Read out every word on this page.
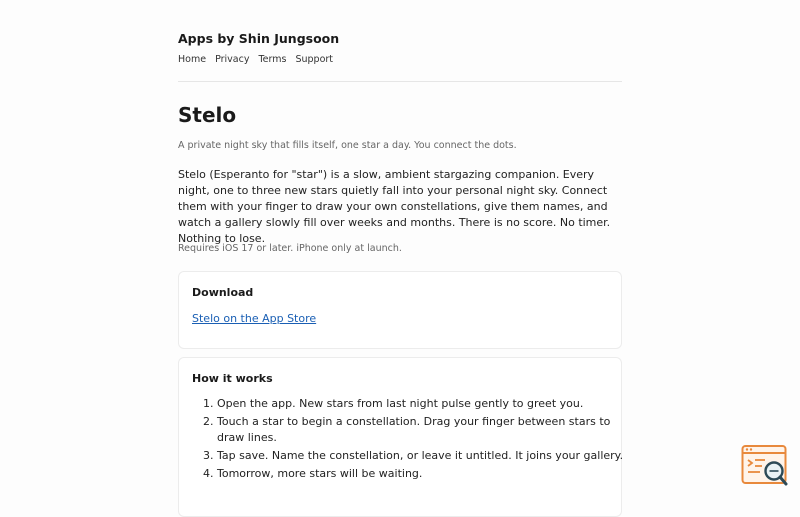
Apps by Shin Jungsoon
Home Privacy Terms Support
Stelo

A private night sky that fills itself, one star a day. You connect the dots.

Stelo (Esperanto for "star") is a slow, ambient stargazing companion. Every night, one to three new stars quietly fall into your personal night sky. Connect them with your finger to draw your own constellations, give them names, and watch a gallery slowly fill over weeks and months. There is no score. No timer. Nothing to lose.

Requires iOS 17 or later. iPhone only at launch.

Download
Stelo on the App Store
How it works
1. Open the app. New stars from last night pulse gently to greet you.
2. Touch a star to begin a constellation. Drag your finger between stars to draw lines.
3. Tap save. Name the constellation, or leave it untitled. It joins your gallery.
4. Tomorrow, more stars will be waiting.
